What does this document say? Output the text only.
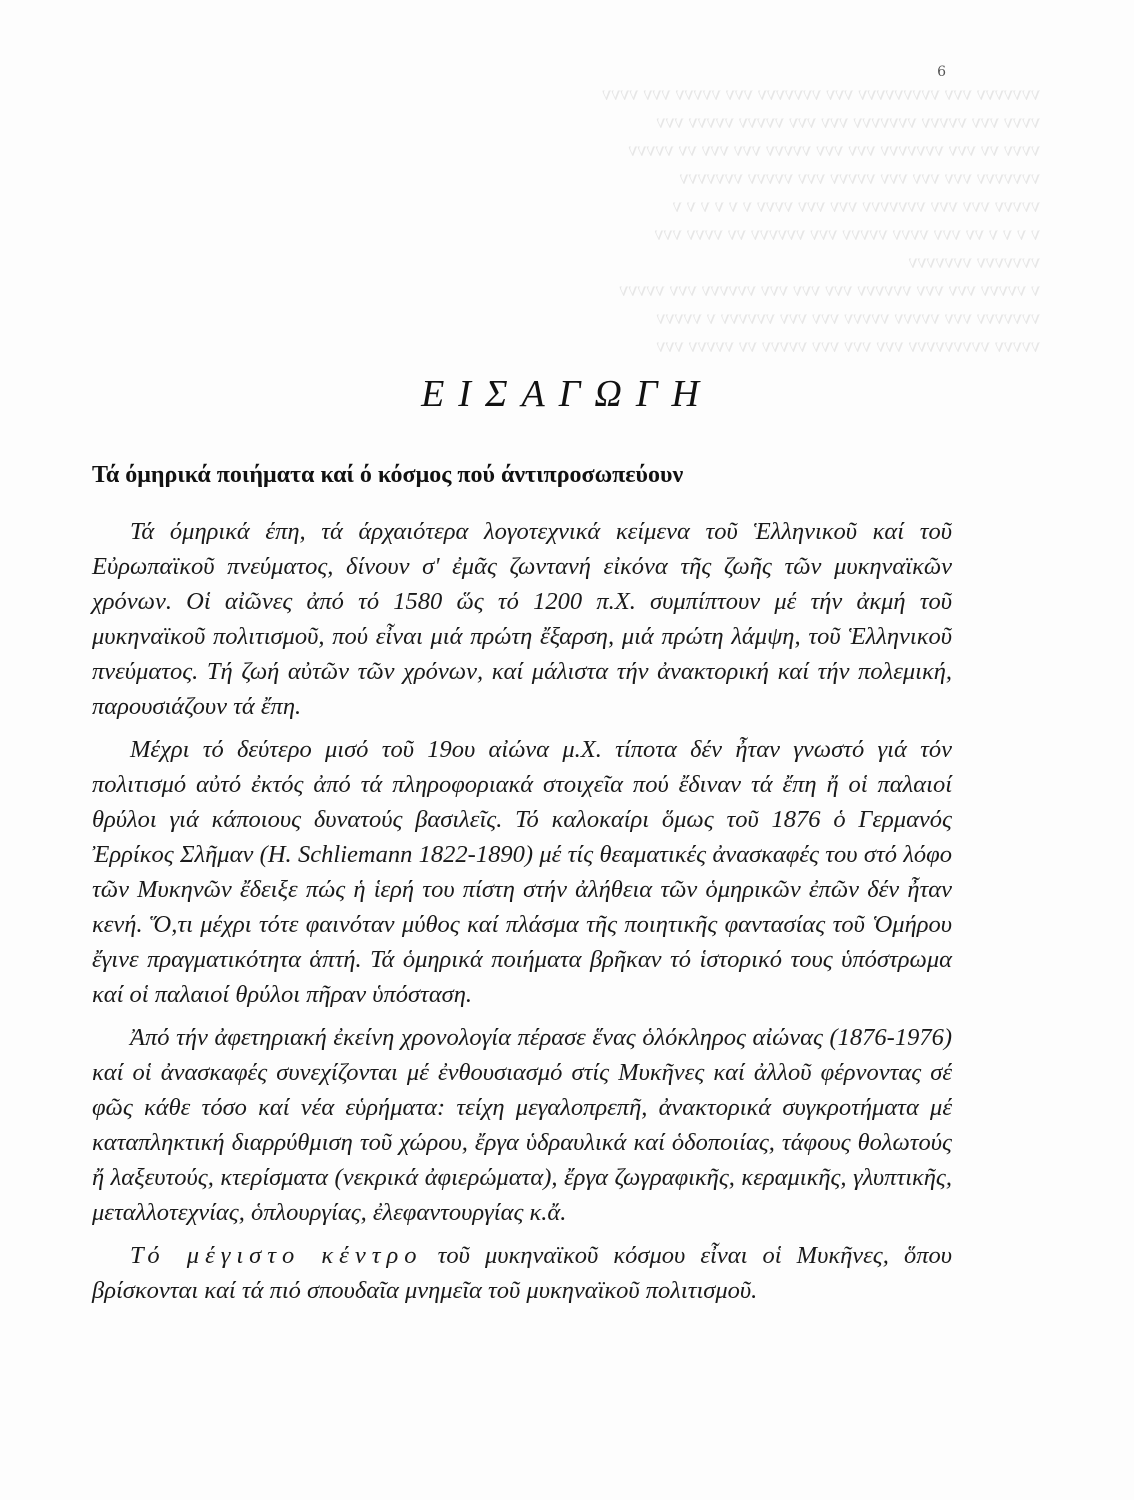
ννννννν ννν ννννννννν ννν ννννννν ννν ννννν ννν νννν
νννν ννν ννννν ννννννν ννν ννν ννννν ννννν ννν
νννν νν ννν ννννννν ννν ννν ννννν ννν ννν νν ννννν
ννννννν ννν ννν ννν ννννν ννν ννννν ννννννν
ννννν ννν ννν ννννννν ννν ννν νννν ν ν ν ν ν ν
ν ν ν ν νν ννν νννν ννννν ννν νννννν νν νννν ννν
ννννννν ννννννν
ν ννννν ννν ννν νννννν ννν ννν ννν νννννν ννν ννννν
ννννννν ννν ννννν ννννν ννν ννν νννννν ν ννννν
ννννν ννννννννν ννν ννν ννν ννννν νν ννννν ννν
6
ΕΙΣΑΓΩΓΗ
Τά όμηρικά ποιήματα καί ό κόσμος πού άντιπροσωπεύουν

Τά όμηρικά έπη, τά άρχαιότερα λογοτεχνικά κείμενα τοῦ Ἑλληνικοῦ καί τοῦ Εὐρωπαϊκοῦ πνεύματος, δίνουν σ' ἐμᾶς ζωντανή εἰκόνα τῆς ζωῆς τῶν μυκηναϊκῶν χρόνων. Οἱ αἰῶνες ἀπό τό 1580 ὥς τό 1200 π.Χ. συμπίπτουν μέ τήν ἀκμή τοῦ μυκηναϊκοῦ πολιτισμοῦ, πού εἶναι μιά πρώτη ἔξαρση, μιά πρώτη λάμψη, τοῦ Ἑλληνικοῦ πνεύματος. Τή ζωή αὐτῶν τῶν χρόνων, καί μάλιστα τήν ἀνακτορική καί τήν πολεμική, παρουσιάζουν τά ἔπη.

Μέχρι τό δεύτερο μισό τοῦ 19ου αἰώνα μ.Χ. τίποτα δέν ἦταν γνωστό γιά τόν πολιτισμό αὐτό ἐκτός ἀπό τά πληροφοριακά στοιχεῖα πού ἔδιναν τά ἔπη ἤ οἱ παλαιοί θρύλοι γιά κάποιους δυνατούς βασιλεῖς. Τό καλοκαίρι ὅμως τοῦ 1876 ὁ Γερμανός Ἐρρίκος Σλῆμαν (H. Schliemann 1822-1890) μέ τίς θεαματικές ἀνασκαφές του στό λόφο τῶν Μυκηνῶν ἔδειξε πώς ἡ ἱερή του πίστη στήν ἀλήθεια τῶν ὁμηρικῶν ἐπῶν δέν ἦταν κενή. Ὅ,τι μέχρι τότε φαινόταν μύθος καί πλάσμα τῆς ποιητικῆς φαντασίας τοῦ Ὁμήρου ἔγινε πραγματικότητα ἁπτή. Τά ὁμηρικά ποιήματα βρῆκαν τό ἱστορικό τους ὑπόστρωμα καί οἱ παλαιοί θρύλοι πῆραν ὑπόσταση.

Ἀπό τήν ἀφετηριακή ἐκείνη χρονολογία πέρασε ἕνας ὁλόκληρος αἰώνας (1876-1976) καί οἱ ἀνασκαφές συνεχίζονται μέ ἐνθουσιασμό στίς Μυκῆνες καί ἀλλοῦ φέρνοντας σέ φῶς κάθε τόσο καί νέα εὑρήματα: τείχη μεγαλοπρεπῆ, ἀνακτορικά συγκροτήματα μέ καταπληκτική διαρρύθμιση τοῦ χώρου, ἔργα ὑδραυλικά καί ὁδοποιίας, τάφους θολωτούς ἤ λαξευτούς, κτερίσματα (νεκρικά ἀφιερώματα), ἔργα ζωγραφικῆς, κεραμικῆς, γλυπτικῆς, μεταλλοτεχνίας, ὁπλουργίας, ἐλεφαντουργίας κ.ἄ.

Τό μέγιστο κέντρο τοῦ μυκηναϊκοῦ κόσμου εἶναι οἱ Μυκῆνες, ὅπου βρίσκονται καί τά πιό σπουδαῖα μνημεῖα τοῦ μυκηναϊκοῦ πολιτισμοῦ.
